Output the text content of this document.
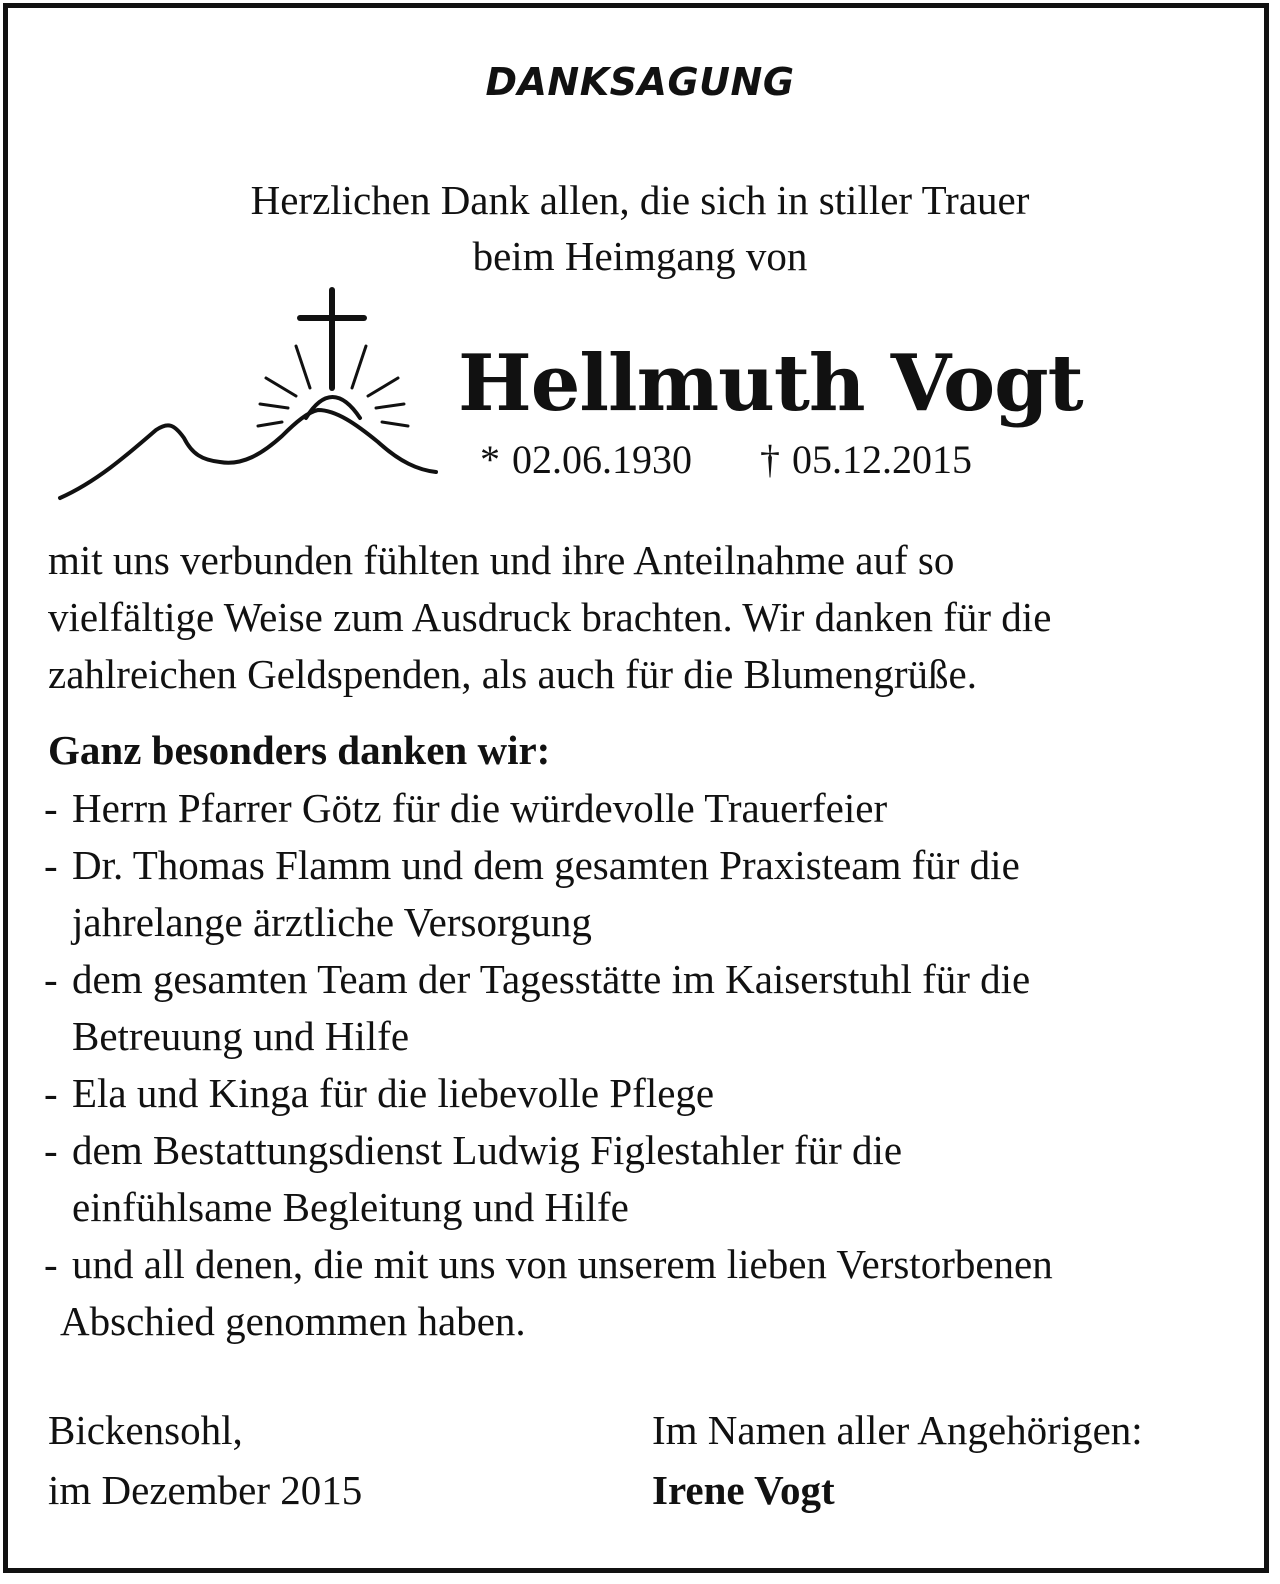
DANKSAGUNG
Herzlichen Dank allen, die sich in stiller Trauer
beim Heimgang von
Hellmuth Vogt
* 02.06.1930 † 05.12.2015
mit uns verbunden fühlten und ihre Anteilnahme auf so
vielfältige Weise zum Ausdruck brachten. Wir danken für die
zahlreichen Geldspenden, als auch für die Blumengrüße.
Ganz besonders danken wir:
- Herrn Pfarrer Götz für die würdevolle Trauerfeier
- Dr. Thomas Flamm und dem gesamten Praxisteam für die
jahrelange ärztliche Versorgung
- dem gesamten Team der Tagesstätte im Kaiserstuhl für die
Betreuung und Hilfe
- Ela und Kinga für die liebevolle Pflege
- dem Bestattungsdienst Ludwig Figlestahler für die
einfühlsame Begleitung und Hilfe
- und all denen, die mit uns von unserem lieben Verstorbenen
Abschied genommen haben.
Bickensohl,
im Dezember 2015
Im Namen aller Angehörigen:
Irene Vogt
